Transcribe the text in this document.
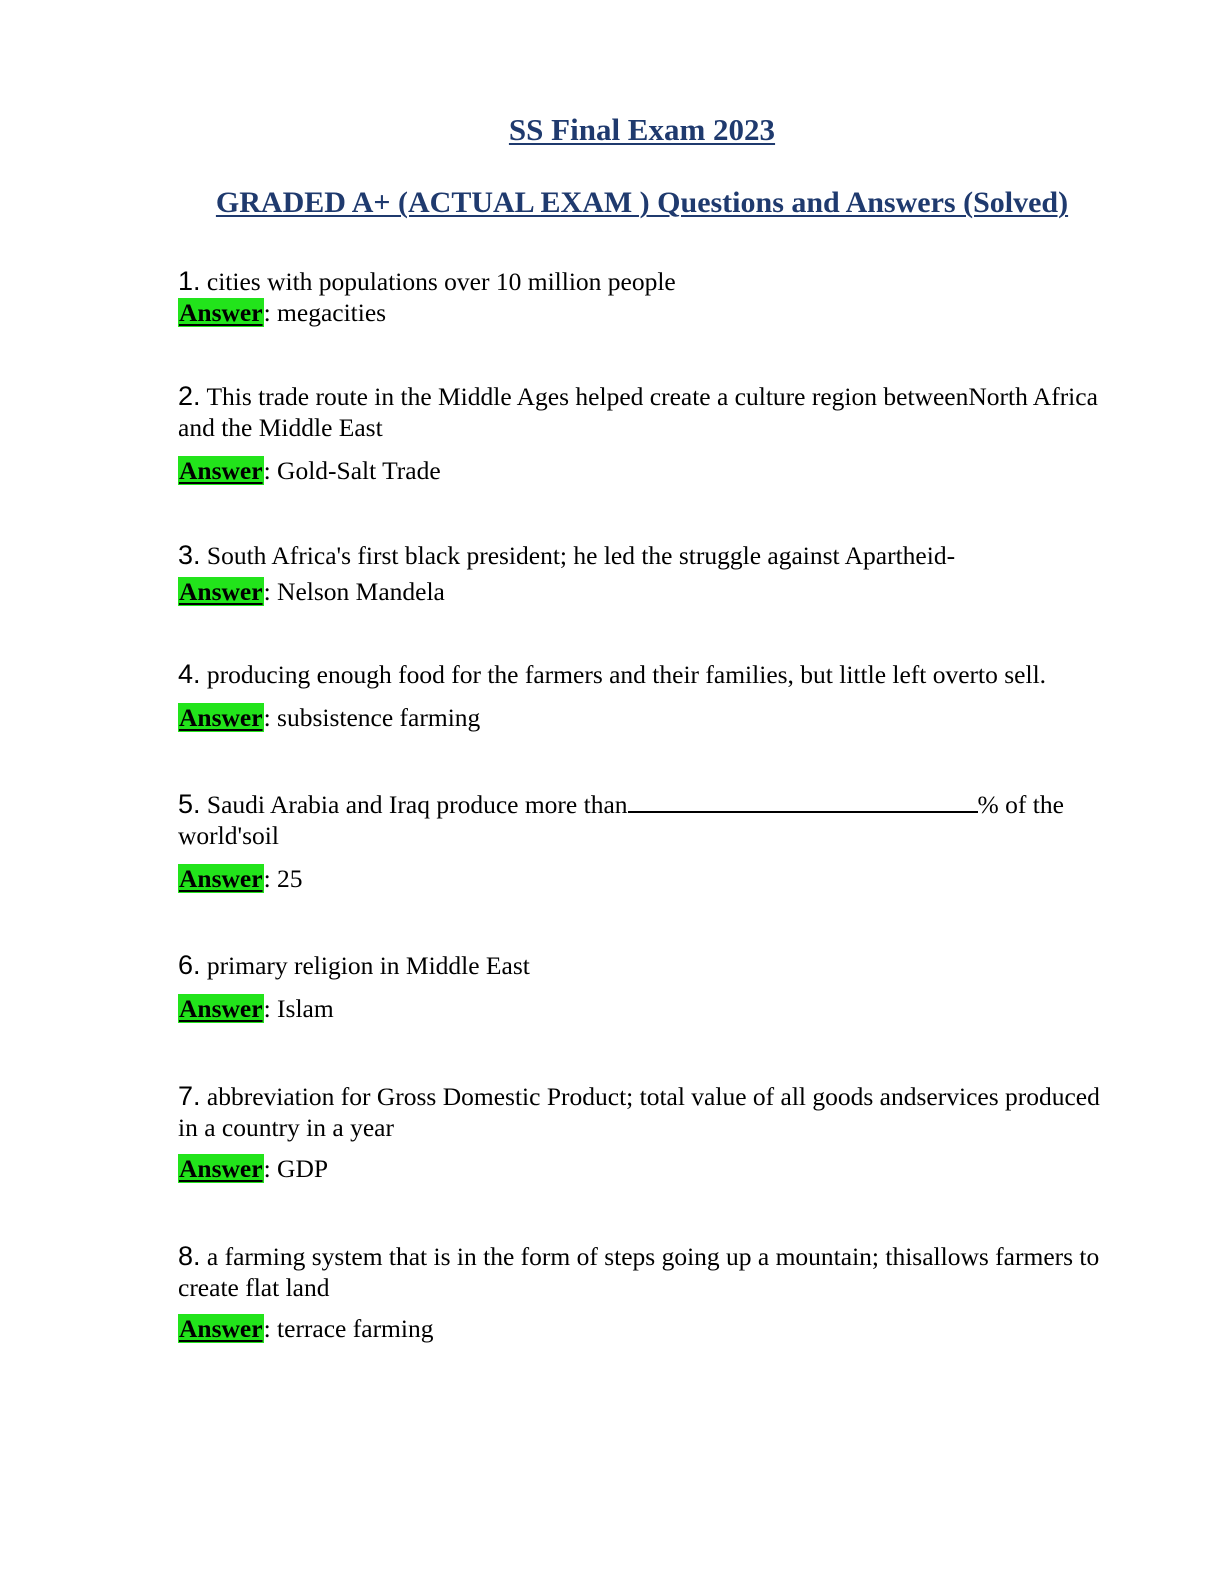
SS Final Exam 2023
GRADED A+ (ACTUAL EXAM ) Questions and Answers (Solved)

1. cities with populations over 10 million people

Answer: megacities

2. This trade route in the Middle Ages helped create a culture region betweenNorth Africa and the Middle East

Answer: Gold-Salt Trade

3. South Africa's first black president; he led the struggle against Apartheid-

Answer: Nelson Mandela

4. producing enough food for the farmers and their families, but little left overto sell.

Answer: subsistence farming

5. Saudi Arabia and Iraq produce more than	% of the world'soil

Answer: 25

6. primary religion in Middle East

Answer: Islam

7. abbreviation for Gross Domestic Product; total value of all goods andservices produced in a country in a year

Answer: GDP

8. a farming system that is in the form of steps going up a mountain; thisallows farmers to create flat land

Answer: terrace farming
